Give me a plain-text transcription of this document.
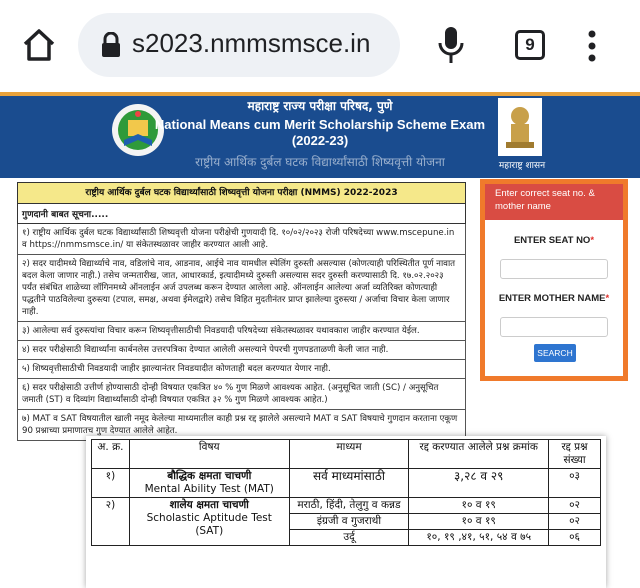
s2023.nmmsmsce.in	9
महाराष्ट्र राज्य परीक्षा परिषद, पुणे
National Means cum Merit Scholarship Scheme Exam
(2022-23)
राष्ट्रीय आर्थिक दुर्बल घटक विद्यार्थ्यांसाठी शिष्यवृत्ती योजना	महाराष्ट्र शासन
राष्ट्रीय आर्थिक दुर्बल घटक विद्यार्थ्यांसाठी शिष्यवृत्ती योजना परीक्षा (NMMS) 2022-2023
गुणदानी बाबत सूचना.....
१) राष्ट्रीय आर्थिक दुर्बल घटक विद्यार्थ्यांसाठी शिष्यवृत्ती योजना परीक्षेची गुणयादी दि. १०/०२/२०२३ रोजी परिषदेच्या www.mscepune.in व https://nmmsmsce.in/ या संकेतस्थळावर जाहीर करण्यात आली आहे.
२) सदर यादीमध्ये विद्यार्थ्याचे नाव, वडिलांचे नाव, आडनाव, आईचे नाव यामधील स्पेलिंग दुरुस्ती असल्यास (कोणत्याही परिस्थितीत पूर्ण नावात बदल केला जाणार नाही.) तसेच जन्मतारीख, जात, आधारकार्ड, इत्यादीमध्ये दुरुस्ती असल्यास सदर दुरुस्ती करण्यासाठी दि. १७.०२.२०२३ पर्यंत संबंधित शाळेच्या लॉगिनमध्ये ऑनलाईन अर्ज उपलब्ध करून देण्यात आलेला आहे. ऑनलाईन आलेल्या अर्जा व्यतिरिक्त कोणत्याही पद्धतीने पाठविलेल्या दुरुस्त्या (टपाल, समक्ष, अथवा ईमेलद्वारे) तसेच विहित मुदतीनंतर प्राप्त झालेल्या दुरुस्त्या / अर्जाचा विचार केला जाणार नाही.
३) आलेल्या सर्व दुरुस्त्यांचा विचार करून शिष्यवृत्तीसाठीची निवडयादी परिषदेच्या संकेतस्थळावर यथावकाश जाहीर करण्यात येईल.
४) सदर परीक्षेसाठी विद्यार्थ्यांना कार्बनलेस उत्तरपत्रिका देण्यात आलेली असल्याने पेपरची गुणपडताळणी केली जात नाही.
५) शिष्यवृत्तीसाठीची निवडयादी जाहीर झाल्यानंतर निवडयादीत कोणताही बदल करण्यात येणार नाही.
६) सदर परीक्षेसाठी उत्तीर्ण होण्यासाठी दोन्ही विषयात एकत्रित ४० % गुण मिळणे आवश्यक आहेत. (अनुसूचित जाती (SC) / अनुसूचित जमाती (ST) व दिव्यांग विद्यार्थ्यांसाठी दोन्ही विषयात एकत्रित ३२ % गुण मिळणे आवश्यक आहेत.)
७) MAT व SAT विषयातील खाली नमूद केलेल्या माध्यमातील काही प्रश्न रद्द झालेले असल्याने MAT व SAT विषयाचे गुणदान करताना एकूण 90 प्रश्नाच्या प्रमाणातच गुण देण्यात आलेले आहेत.
Enter correct seat no. & mother name
ENTER SEAT NO*
ENTER MOTHER NAME*
SEARCH
अ. क्र.	विषय	माध्यम	रद्द करण्यात आलेले प्रश्न क्रमांक	रद्द प्रश्न संख्या
१)	बौद्धिक क्षमता चाचणी
Mental Ability Test (MAT)	सर्व माध्यमांसाठी	३,२८ व २९	०३
२)	शालेय क्षमता चाचणी
Scholastic Aptitude Test (SAT)	मराठी, हिंदी, तेलुगु व कन्नड	१० व १९	०२
		इंग्रजी व गुजराथी	१० व १९	०२
		उर्दू	१०, १९ ,४१, ५१, ५४ व ७५	०६
